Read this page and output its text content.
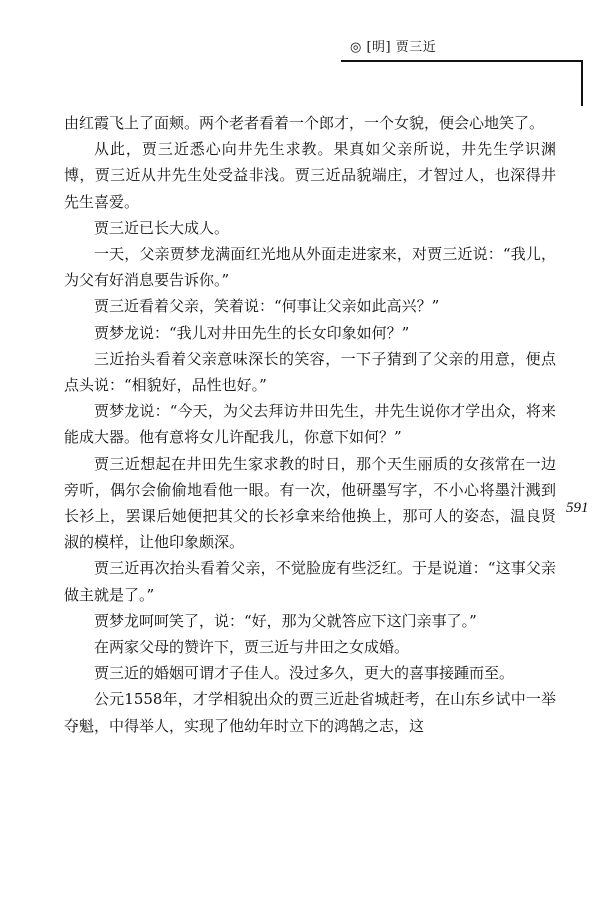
◎ [明] 贾三近
591

由红霞飞上了面颊。两个老者看着一个郎才，一个女貌，便会心地笑了。

从此，贾三近悉心向井先生求教。果真如父亲所说，井先生学识渊博，贾三近从井先生处受益非浅。贾三近品貌端庄，才智过人，也深得井先生喜爱。

贾三近已长大成人。

一天，父亲贾梦龙满面红光地从外面走进家来，对贾三近说：“我儿，为父有好消息要告诉你。”

贾三近看着父亲，笑着说：“何事让父亲如此高兴？”

贾梦龙说：“我儿对井田先生的长女印象如何？”

三近抬头看着父亲意味深长的笑容，一下子猜到了父亲的用意，便点点头说：“相貌好，品性也好。”

贾梦龙说：“今天，为父去拜访井田先生，井先生说你才学出众，将来能成大器。他有意将女儿许配我儿，你意下如何？”

贾三近想起在井田先生家求教的时日，那个天生丽质的女孩常在一边旁听，偶尔会偷偷地看他一眼。有一次，他研墨写字，不小心将墨汁溅到长衫上，罢课后她便把其父的长衫拿来给他换上，那可人的姿态，温良贤淑的模样，让他印象颇深。

贾三近再次抬头看着父亲，不觉脸庞有些泛红。于是说道：“这事父亲做主就是了。”

贾梦龙呵呵笑了，说：“好，那为父就答应下这门亲事了。”

在两家父母的赞许下，贾三近与井田之女成婚。

贾三近的婚姻可谓才子佳人。没过多久，更大的喜事接踵而至。

公元1558年，才学相貌出众的贾三近赴省城赶考，在山东乡试中一举夺魁，中得举人，实现了他幼年时立下的鸿鹄之志，这
